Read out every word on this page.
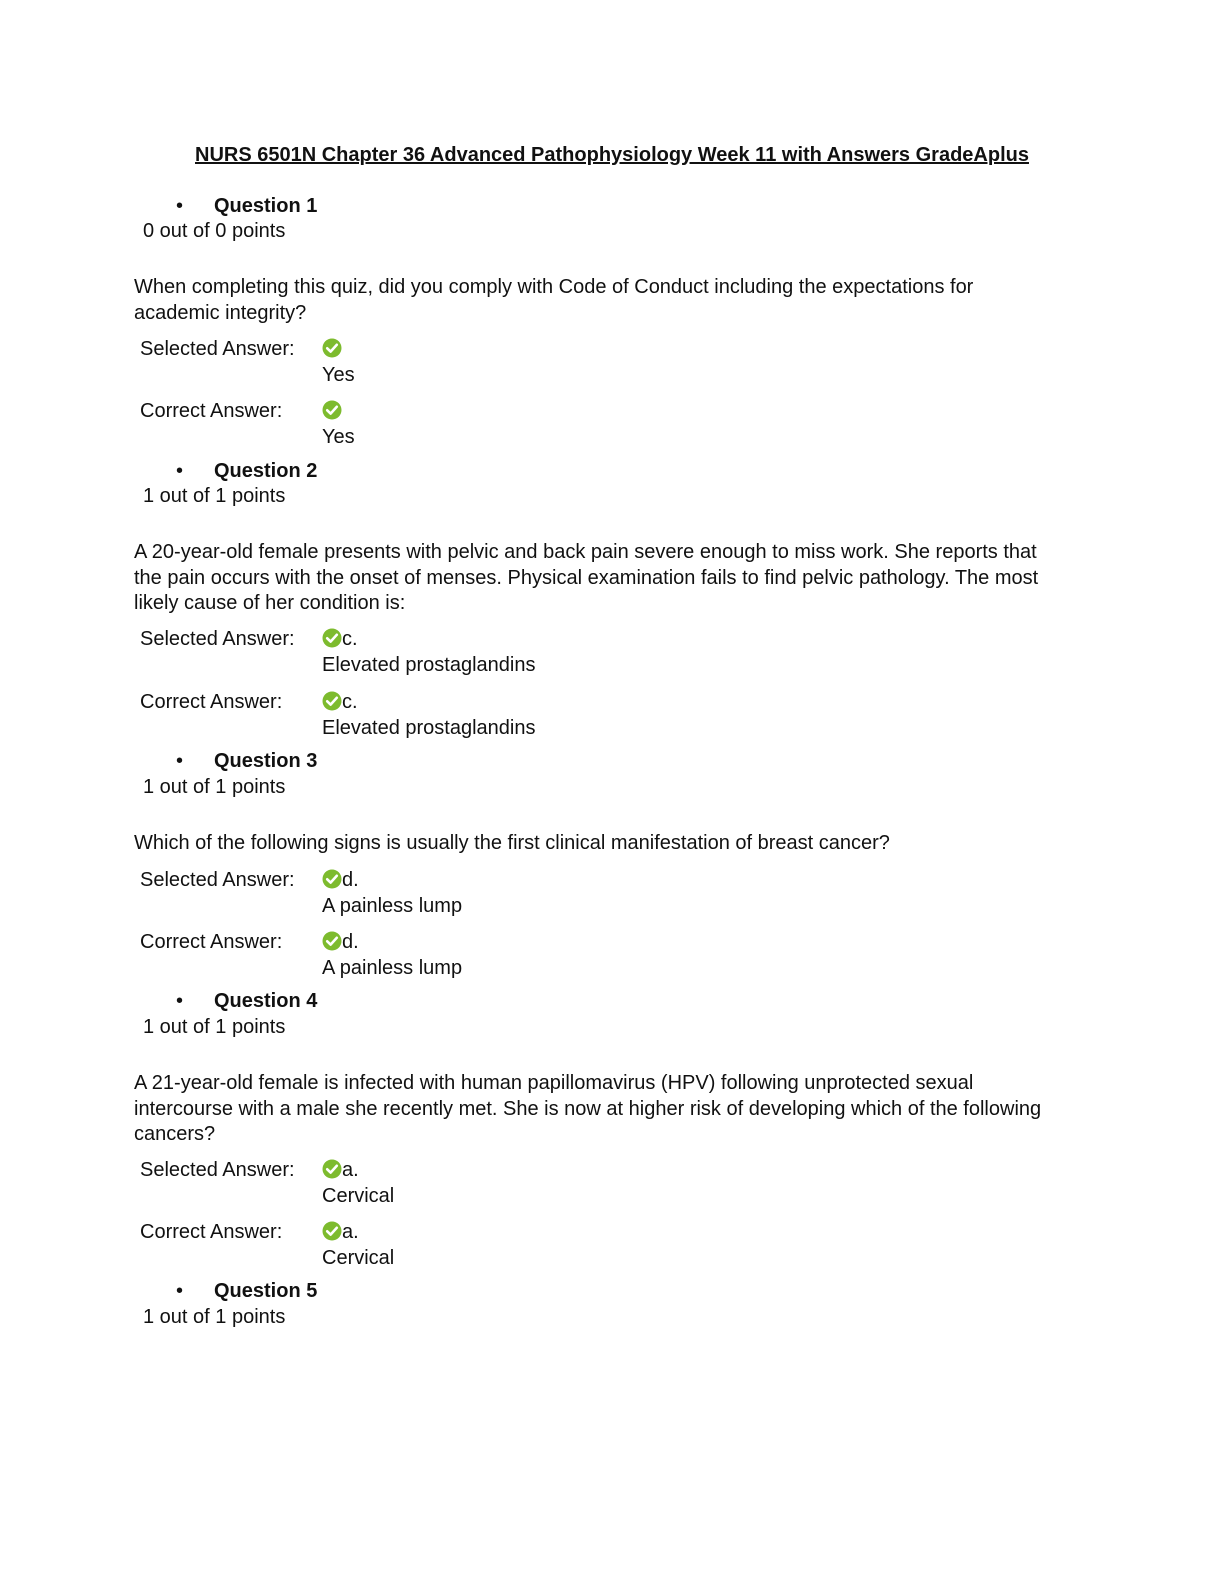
NURS 6501N Chapter 36 Advanced Pathophysiology Week 11 with Answers GradeAplus
• Question 1
0 out of 0 points
When completing this quiz, did you comply with Code of Conduct including the expectations for academic integrity?
Selected Answer:
Yes
Correct Answer:
Yes
• Question 2
1 out of 1 points
A 20-year-old female presents with pelvic and back pain severe enough to miss work. She reports that the pain occurs with the onset of menses. Physical examination fails to find pelvic pathology. The most likely cause of her condition is:
Selected Answer:	c.
Elevated prostaglandins
Correct Answer:	c.
Elevated prostaglandins
• Question 3
1 out of 1 points
Which of the following signs is usually the first clinical manifestation of breast cancer?
Selected Answer:	d.
A painless lump
Correct Answer:	d.
A painless lump
• Question 4
1 out of 1 points
A 21-year-old female is infected with human papillomavirus (HPV) following unprotected sexual intercourse with a male she recently met. She is now at higher risk of developing which of the following cancers?
Selected Answer:	a.
Cervical
Correct Answer:	a.
Cervical
• Question 5
1 out of 1 points
